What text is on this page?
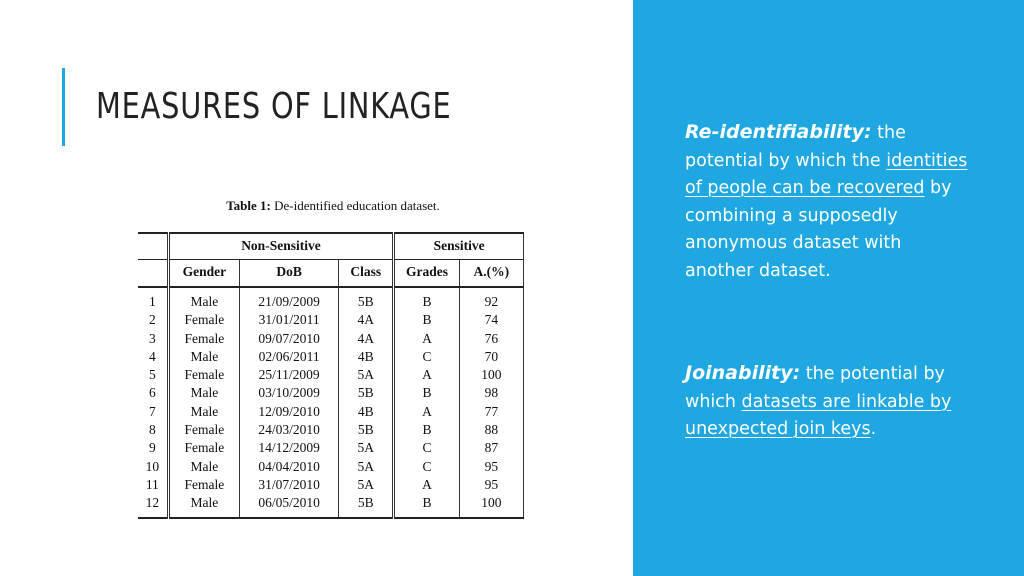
MEASURES OF LINKAGE

Table 1: De-identified education dataset.

	Non-Sensitive			Sensitive	
	Gender	DoB	Class	Grades	A.(%)
1	Male	21/09/2009	5B	B	92
2	Female	31/01/2011	4A	B	74
3	Female	09/07/2010	4A	A	76
4	Male	02/06/2011	4B	C	70
5	Female	25/11/2009	5A	A	100
6	Male	03/10/2009	5B	B	98
7	Male	12/09/2010	4B	A	77
8	Female	24/03/2010	5B	B	88
9	Female	14/12/2009	5A	C	87
10	Male	04/04/2010	5A	C	95
11	Female	31/07/2010	5A	A	95
12	Male	06/05/2010	5B	B	100

Re-identifiability: the potential by which the identities of people can be recovered by combining a supposedly anonymous dataset with another dataset.

Joinability: the potential by which datasets are linkable by unexpected join keys.
